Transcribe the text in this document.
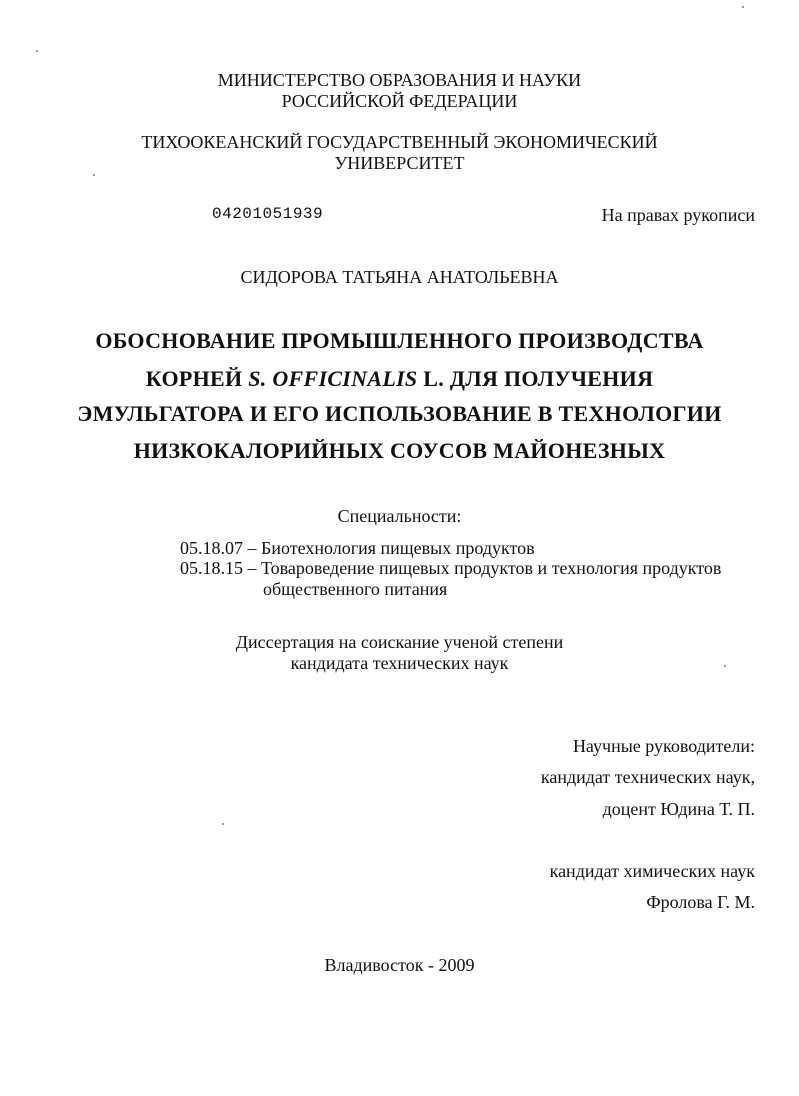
МИНИСТЕРСТВО ОБРАЗОВАНИЯ И НАУКИ
РОССИЙСКОЙ ФЕДЕРАЦИИ
ТИХООКЕАНСКИЙ ГОСУДАРСТВЕННЫЙ ЭКОНОМИЧЕСКИЙ
УНИВЕРСИТЕТ
04201051939	На правах рукописи
СИДОРОВА ТАТЬЯНА АНАТОЛЬЕВНА
ОБОСНОВАНИЕ ПРОМЫШЛЕННОГО ПРОИЗВОДСТВА
КОРНЕЙ S. OFFICINALIS L. ДЛЯ ПОЛУЧЕНИЯ
ЭМУЛЬГАТОРА И ЕГО ИСПОЛЬЗОВАНИЕ В ТЕХНОЛОГИИ
НИЗКОКАЛОРИЙНЫХ СОУСОВ МАЙОНЕЗНЫХ
Специальности:
05.18.07 – Биотехнология пищевых продуктов
05.18.15 – Товароведение пищевых продуктов и технология продуктов
общественного питания
Диссертация на соискание ученой степени
кандидата технических наук
Научные руководители:
кандидат технических наук,
доцент Юдина Т. П.
кандидат химических наук
Фролова Г. М.
Владивосток - 2009
